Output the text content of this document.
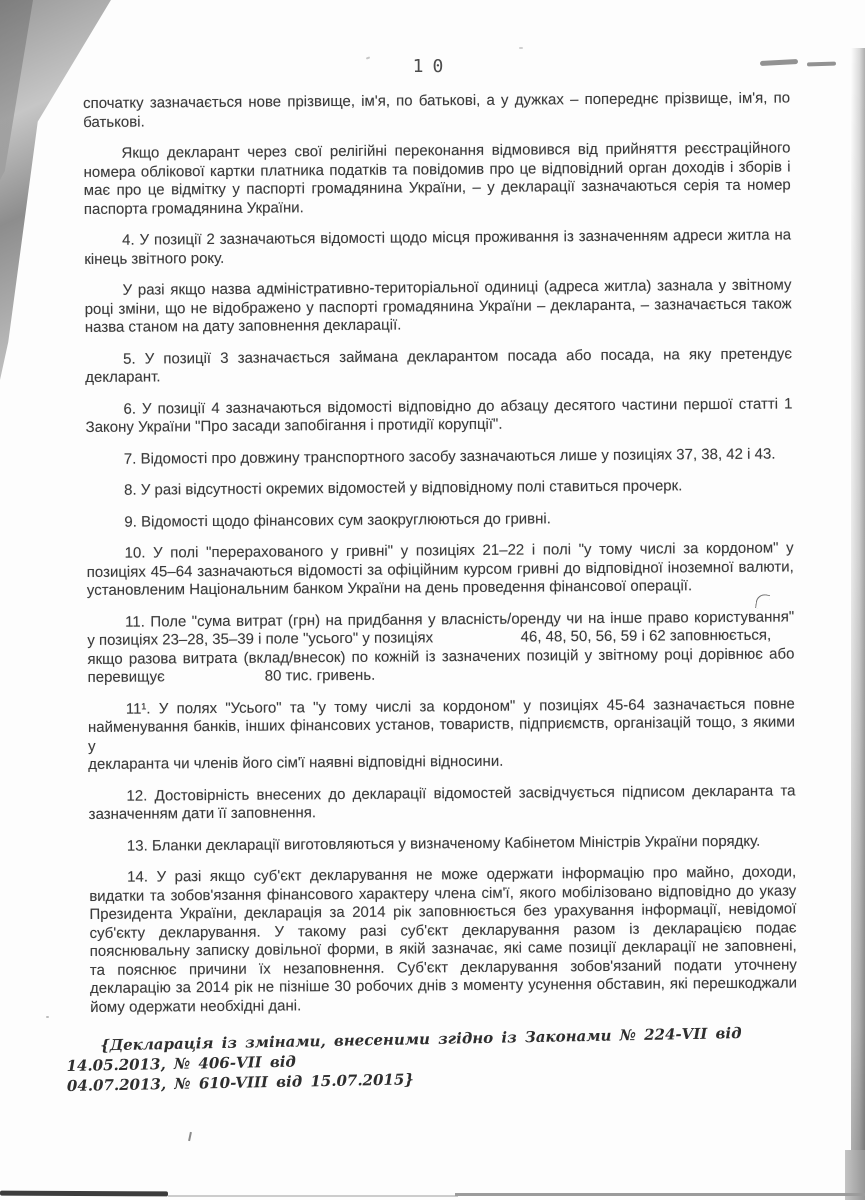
10
спочатку зазначається нове прізвище, ім'я, по батькові, а у дужках – попереднє прізвище, ім'я, по
батькові.
Якщо декларант через свої релігійні переконання відмовився від прийняття реєстраційного
номера облікової картки платника податків та повідомив про це відповідний орган доходів і зборів і
має про це відмітку у паспорті громадянина України, – у декларації зазначаються серія та номер
паспорта громадянина України.
4. У позиції 2 зазначаються відомості щодо місця проживання із зазначенням адреси житла на
кінець звітного року.
У разі якщо назва адміністративно-територіальної одиниці (адреса житла) зазнала у звітному
році зміни, що не відображено у паспорті громадянина України – декларанта, – зазначається також
назва станом на дату заповнення декларації.
5. У позиції 3 зазначається займана декларантом посада або посада, на яку претендує
декларант.
6. У позиції 4 зазначаються відомості відповідно до абзацу десятого частини першої статті 1
Закону України "Про засади запобігання і протидії корупції".
7. Відомості про довжину транспортного засобу зазначаються лише у позиціях 37, 38, 42 і 43.
8. У разі відсутності окремих відомостей у відповідному полі ставиться прочерк.
9. Відомості щодо фінансових сум заокруглюються до гривні.
10. У полі "перерахованого у гривні" у позиціях 21–22 і полі "у тому числі за кордоном" у
позиціях 45–64 зазначаються відомості за офіційним курсом гривні до відповідної іноземної валюти,
установленим Національним банком України на день проведення фінансової операції.
11. Поле "сума витрат (грн) на придбання у власність/оренду чи на інше право користування"
у позиціях 23–28, 35–39 і поле "усього" у позиціях                     46, 48, 50, 56, 59 і 62 заповнюється,
якщо разова витрата (вклад/внесок) по кожній із зазначених позицій у звітному році дорівнює або
перевищує                        80 тис. гривень.
11¹. У полях "Усього" та "у тому числі за кордоном" у позиціях 45-64 зазначається повне
найменування банків, інших фінансових установ, товариств, підприємств, організацій тощо, з якими у
декларанта чи членів його сім'ї наявні відповідні відносини.
12. Достовірність внесених до декларації відомостей засвідчується підписом декларанта та
зазначенням дати її заповнення.
13. Бланки декларації виготовляються у визначеному Кабінетом Міністрів України порядку.
14. У разі якщо суб'єкт декларування не може одержати інформацію про майно, доходи,
видатки та зобов'язання фінансового характеру члена сім'ї, якого мобілізовано відповідно до указу
Президента України, декларація за 2014 рік заповнюється без урахування інформації, невідомої
суб'єкту декларування. У такому разі суб'єкт декларування разом із декларацією подає
пояснювальну записку довільної форми, в якій зазначає, які саме позиції декларації не заповнені,
та пояснює причини їх незаповнення. Суб'єкт декларування зобов'язаний подати уточнену
декларацію за 2014 рік не пізніше 30 робочих днів з моменту усунення обставин, які перешкоджали
йому одержати необхідні дані.
{Декларація із змінами, внесеними згідно із Законами № 224-VII від 14.05.2013, № 406-VII від
04.07.2013, № 610-VIII від 15.07.2015}
